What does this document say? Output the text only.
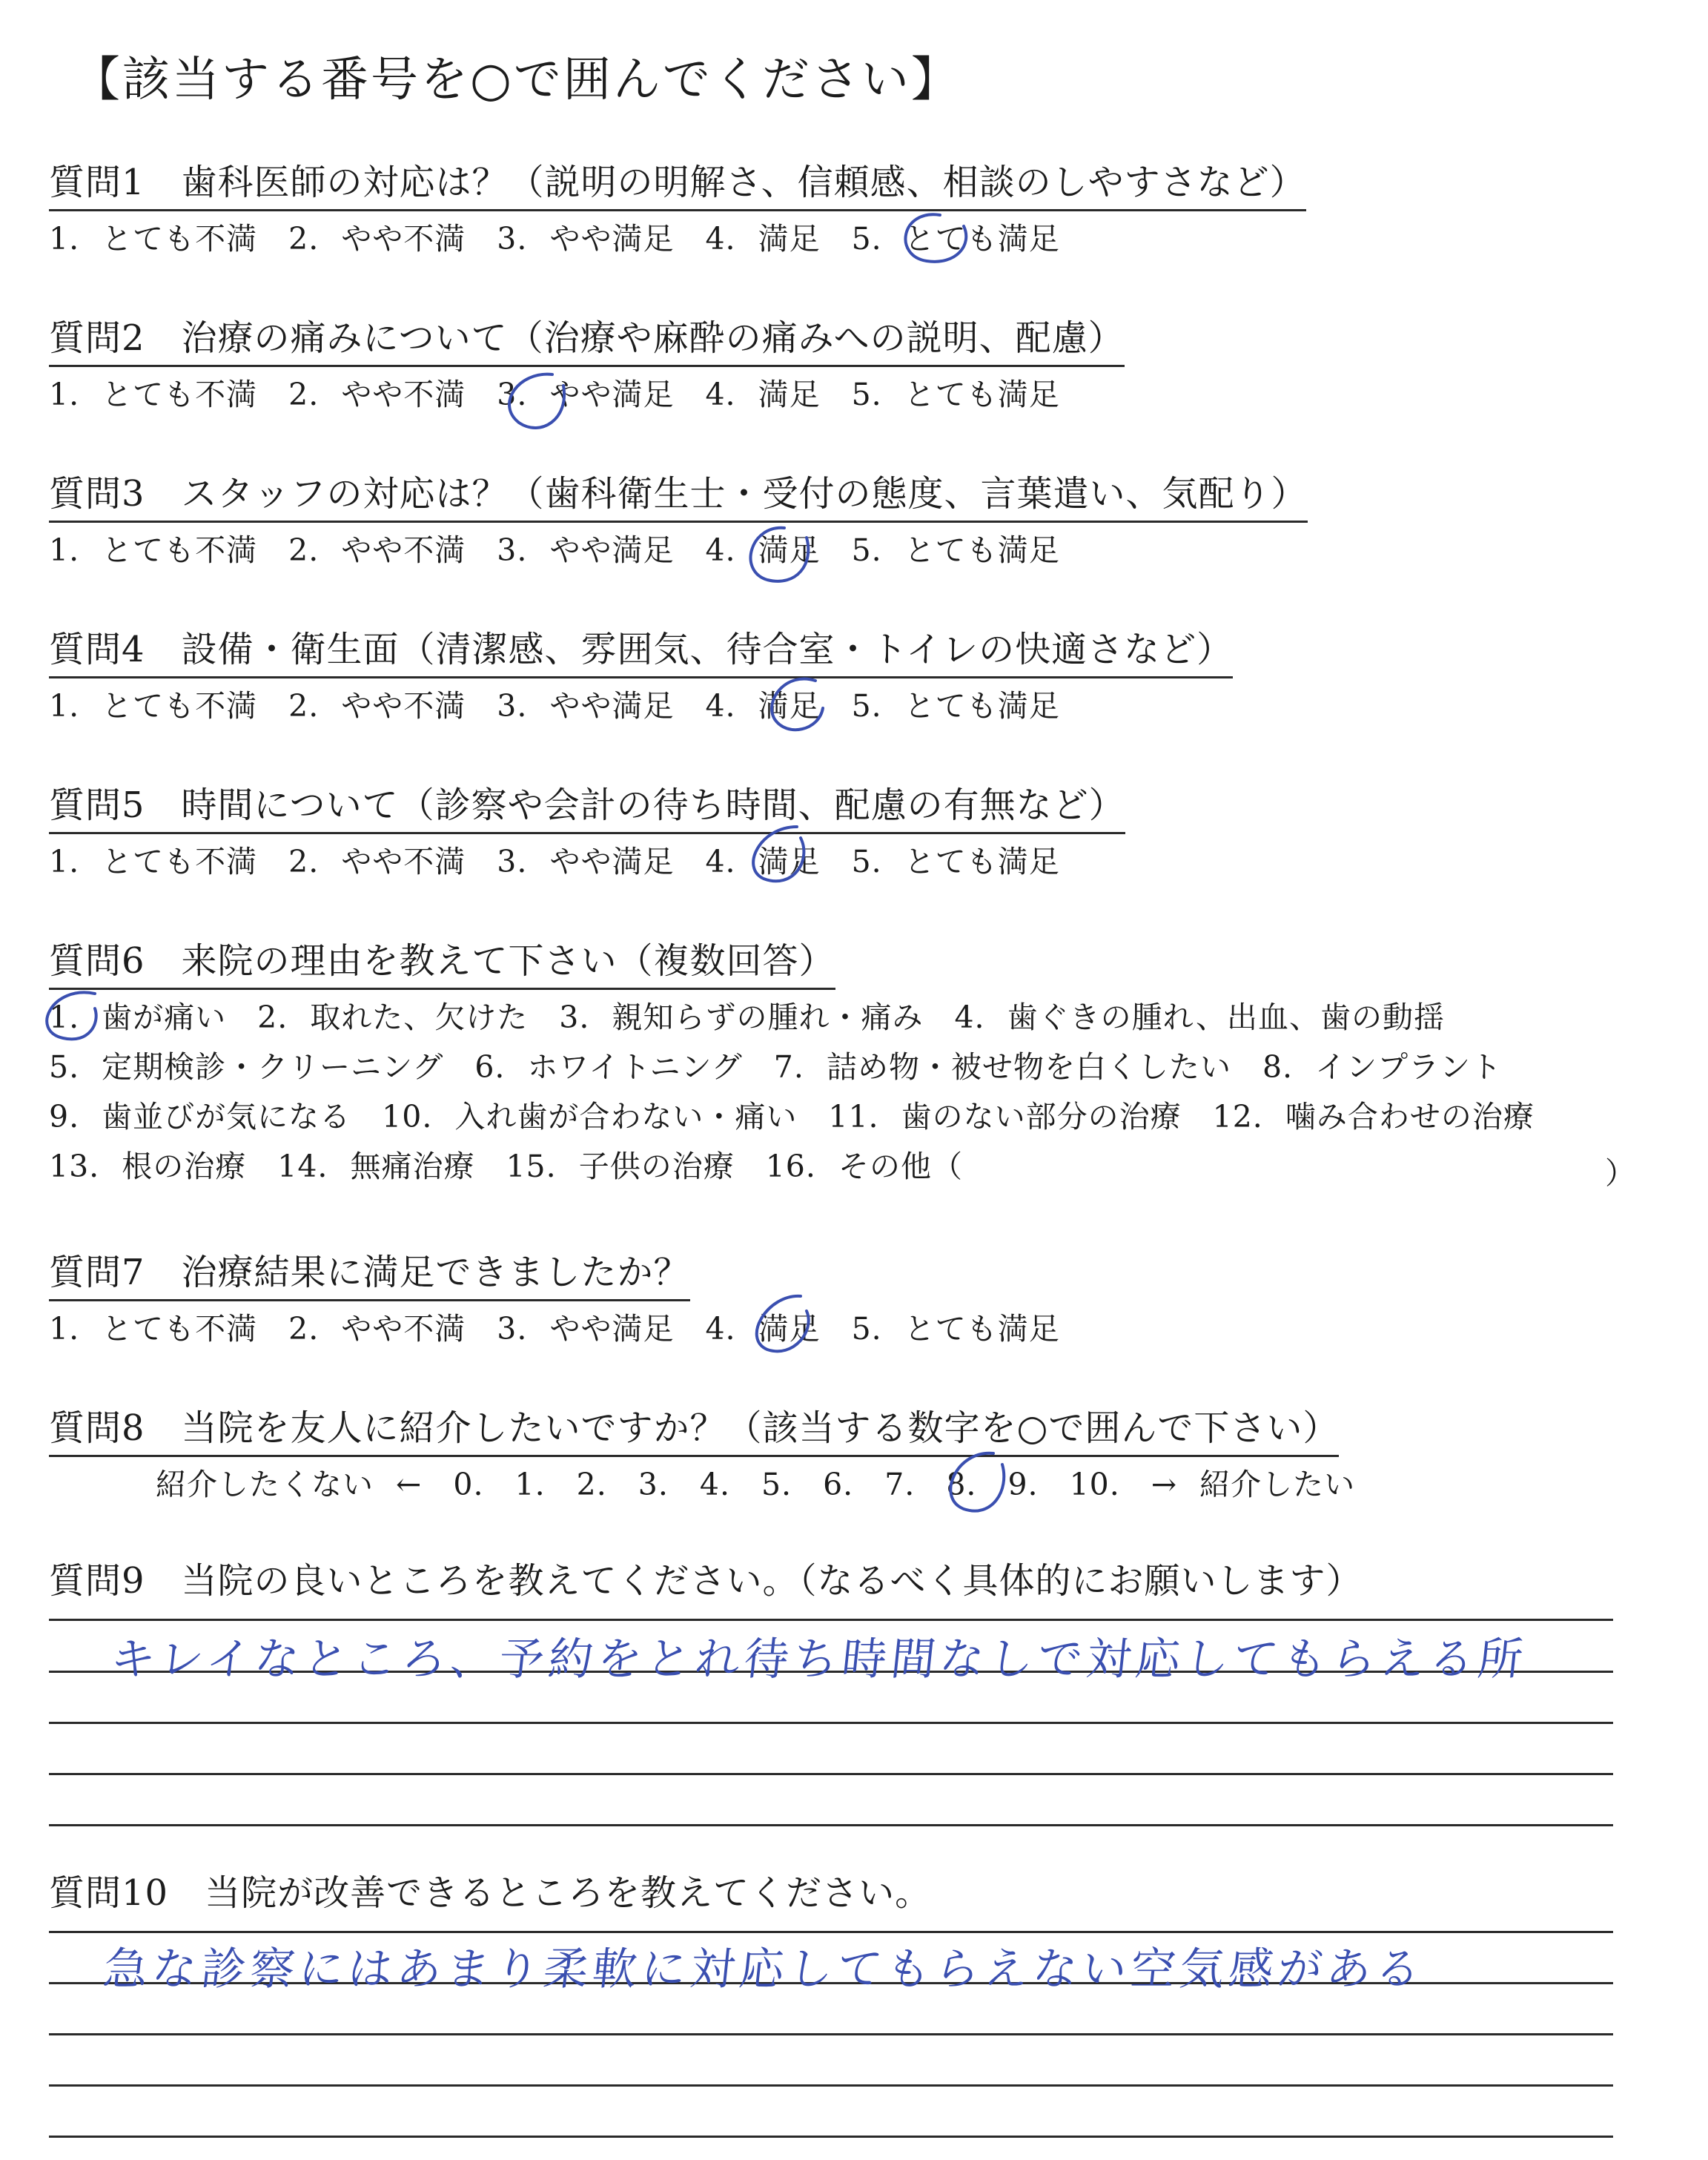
【該当する番号を○で囲んでください】
質問1　歯科医師の対応は？（説明の明解さ、信頼感、相談のしやすさなど）
1. とても不満　2. やや不満　3. やや満足　4. 満足　5. とても満足
質問2　治療の痛みについて（治療や麻酔の痛みへの説明、配慮）
1. とても不満　2. やや不満　3. やや満足　4. 満足　5. とても満足
質問3　スタッフの対応は？（歯科衛生士・受付の態度、言葉遣い、気配り）
1. とても不満　2. やや不満　3. やや満足　4. 満足　5. とても満足
質問4　設備・衛生面（清潔感、雰囲気、待合室・トイレの快適さなど）
1. とても不満　2. やや不満　3. やや満足　4. 満足　5. とても満足
質問5　時間について（診察や会計の待ち時間、配慮の有無など）
1. とても不満　2. やや不満　3. やや満足　4. 満足　5. とても満足
質問6　来院の理由を教えて下さい（複数回答）
1. 歯が痛い　2. 取れた、欠けた　3. 親知らずの腫れ・痛み　4. 歯ぐきの腫れ、出血、歯の動揺
5. 定期検診・クリーニング　6. ホワイトニング　7. 詰め物・被せ物を白くしたい　8. インプラント
9. 歯並びが気になる　10. 入れ歯が合わない・痛い　11. 歯のない部分の治療　12. 噛み合わせの治療
13. 根の治療　14. 無痛治療　15. 子供の治療　16. その他（	）
質問7　治療結果に満足できましたか？
1. とても不満　2. やや不満　3. やや満足　4. 満足　5. とても満足
質問8　当院を友人に紹介したいですか？（該当する数字を○で囲んで下さい）
紹介したくない ←　0.　1.　2.　3.　4.　5.　6.　7.　8.　9.　10.　→ 紹介したい
質問9　当院の良いところを教えてください。（なるべく具体的にお願いします）
キレイなところ、予約をとれ待ち時間なしで対応してもらえる所
質問10　当院が改善できるところを教えてください。
急な診察にはあまり柔軟に対応してもらえない空気感がある
